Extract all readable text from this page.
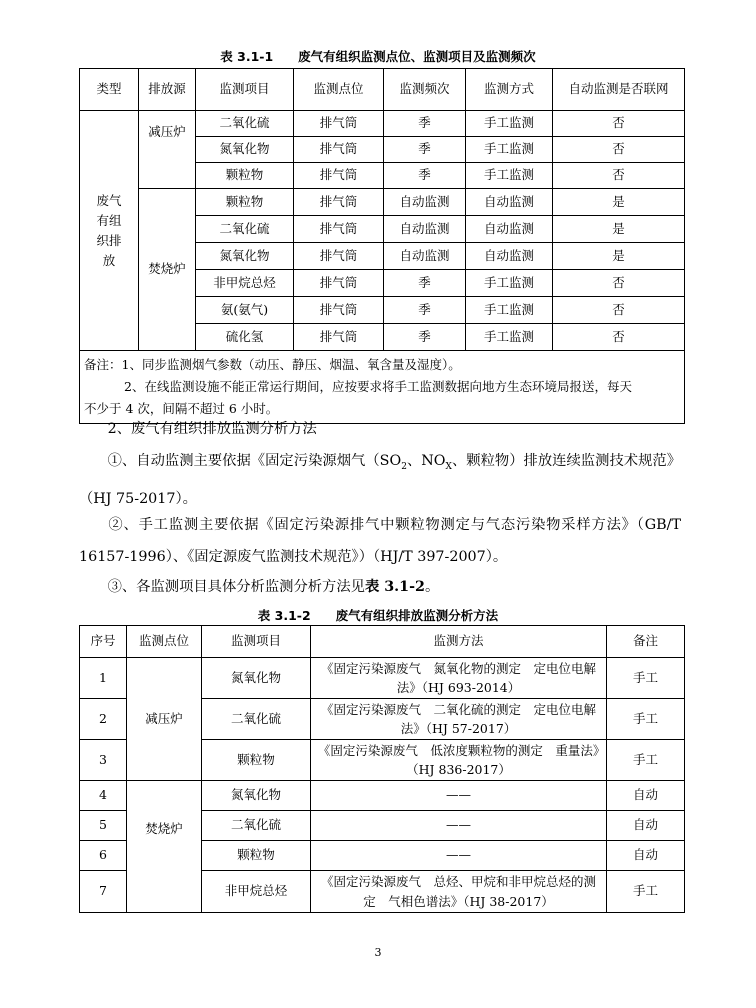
表 3.1-1　　废气有组织监测点位、监测项目及监测频次
类型	排放源	监测项目	监测点位	监测频次	监测方式	自动监测是否联网
废气有组织排放	减压炉	二氧化硫	排气筒	季	手工监测	否
		氮氧化物	排气筒	季	手工监测	否
		颗粒物	排气筒	季	手工监测	否
	焚烧炉	颗粒物	排气筒	自动监测	自动监测	是
		二氧化硫	排气筒	自动监测	自动监测	是
		氮氧化物	排气筒	自动监测	自动监测	是
		非甲烷总烃	排气筒	季	手工监测	否
		氨(氨气)	排气筒	季	手工监测	否
		硫化氢	排气筒	季	手工监测	否

备注：1、同步监测烟气参数（动压、静压、烟温、氧含量及湿度）。
2、在线监测设施不能正常运行期间，应按要求将手工监测数据向地方生态环境局报送，每天
不少于 4 次，间隔不超过 6 小时。						
2、废气有组织排放监测分析方法
①、自动监测主要依据《固定污染源烟气（$SO_2$、$NO_X$、颗粒物）排放连续监测技术规范》（HJ 75-2017）。
②、手工监测主要依据《固定污染源排气中颗粒物测定与气态污染物采样方法》（GB/T 16157-1996）、《固定源废气监测技术规范》）（HJ/T 397-2007）。
③、各监测项目具体分析监测分析方法见表 3.1-2。
表 3.1-2　　废气有组织排放监测分析方法
序号	监测点位	监测项目	监测方法	备注
1	减压炉	氮氧化物	《固定污染源废气　氮氧化物的测定　定电位电解法》（HJ 693-2014）	手工
2		二氧化硫	《固定污染源废气　二氧化硫的测定　定电位电解法》（HJ 57-2017）	手工
3		颗粒物	《固定污染源废气　低浓度颗粒物的测定　重量法》（HJ 836-2017）	手工
4	焚烧炉	氮氧化物	——	自动
5		二氧化硫	——	自动
6		颗粒物	——	自动
7		非甲烷总烃	《固定污染源废气　总烃、甲烷和非甲烷总烃的测定　气相色谱法》（HJ 38-2017）	手工
3
